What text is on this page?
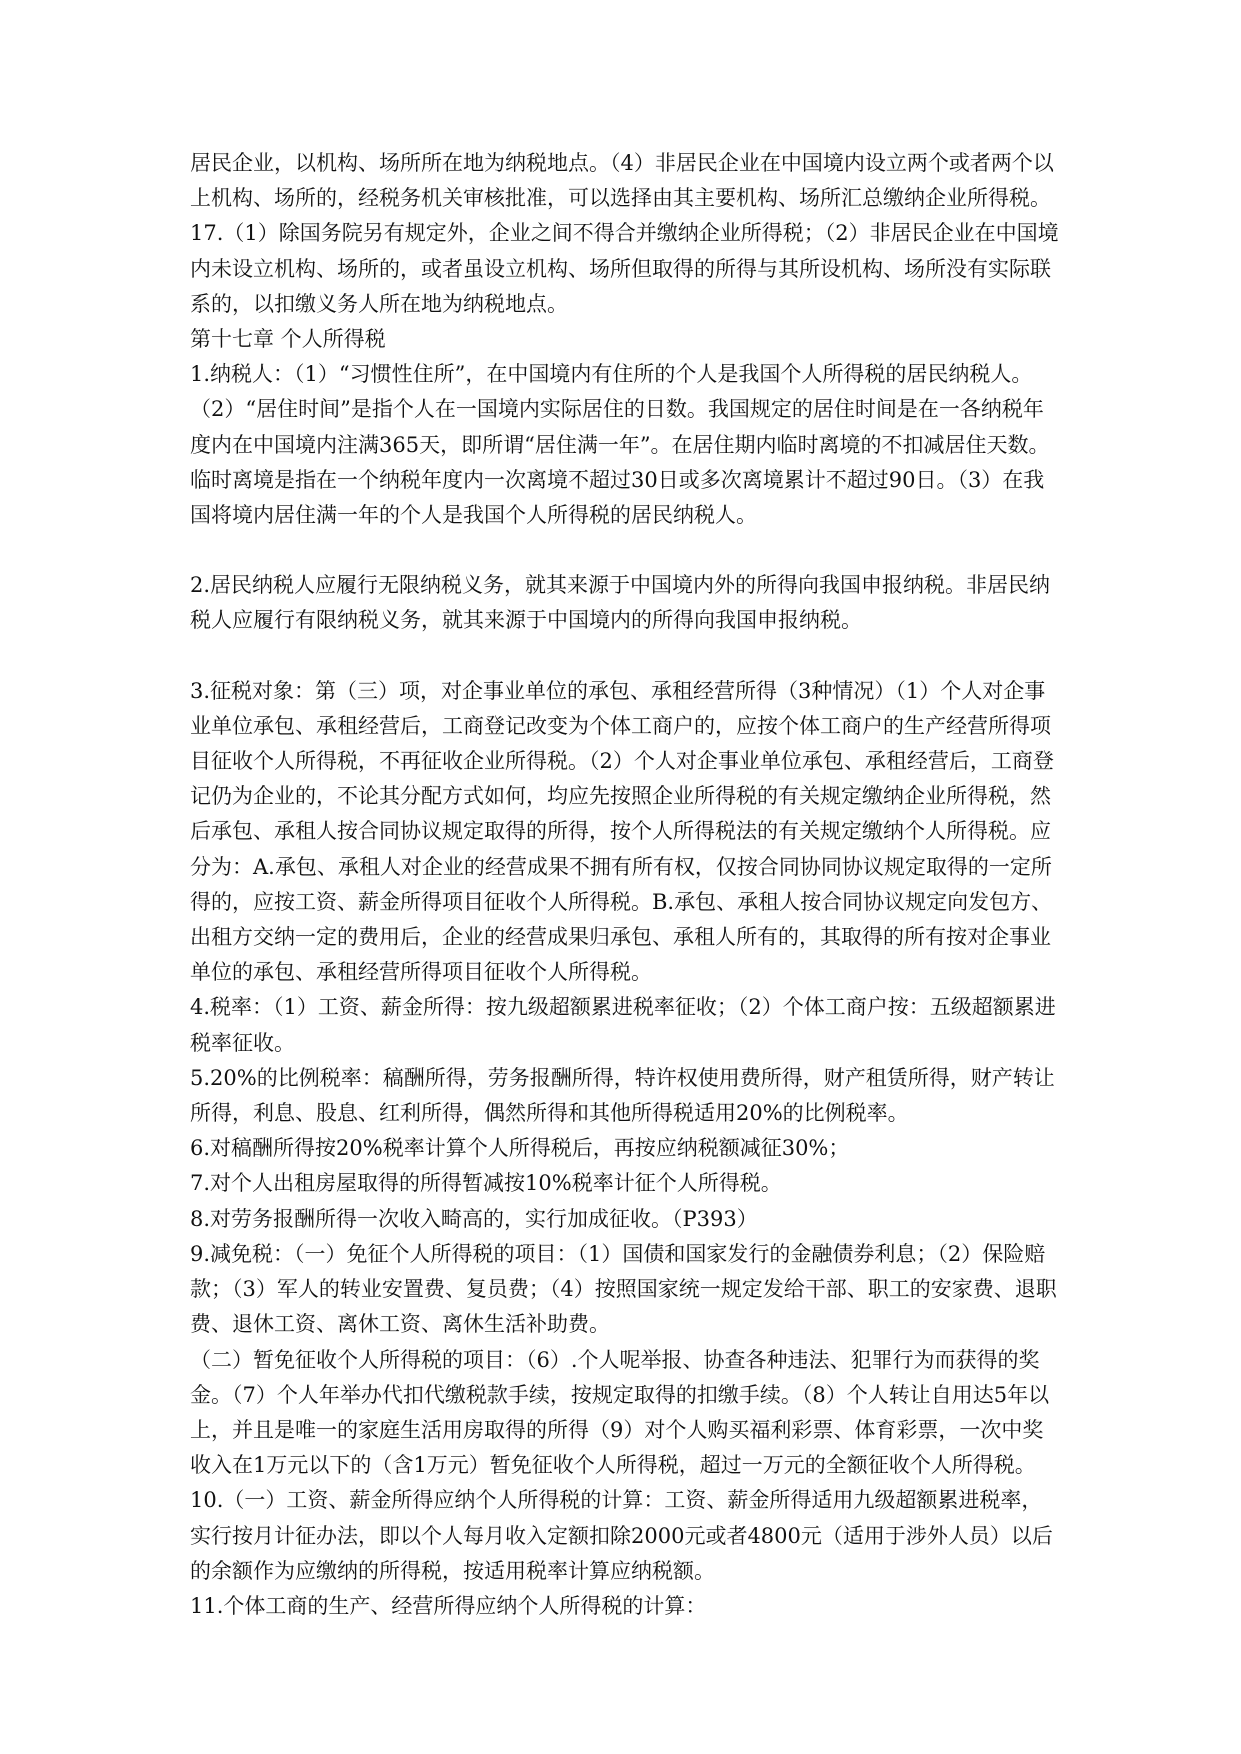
居民企业，以机构、场所所在地为纳税地点。（4）非居民企业在中国境内设立两个或者两个以上机构、场所的，经税务机关审核批准，可以选择由其主要机构、场所汇总缴纳企业所得税。

17.（1）除国务院另有规定外，企业之间不得合并缴纳企业所得税；（2）非居民企业在中国境内未设立机构、场所的，或者虽设立机构、场所但取得的所得与其所设机构、场所没有实际联系的，以扣缴义务人所在地为纳税地点。

第十七章 个人所得税

1.纳税人：（1）“习惯性住所”，在中国境内有住所的个人是我国个人所得税的居民纳税人。（2）“居住时间”是指个人在一国境内实际居住的日数。我国规定的居住时间是在一各纳税年度内在中国境内注满365天，即所谓“居住满一年”。在居住期内临时离境的不扣减居住天数。临时离境是指在一个纳税年度内一次离境不超过30日或多次离境累计不超过90日。（3）在我国将境内居住满一年的个人是我国个人所得税的居民纳税人。

2.居民纳税人应履行无限纳税义务，就其来源于中国境内外的所得向我国申报纳税。非居民纳税人应履行有限纳税义务，就其来源于中国境内的所得向我国申报纳税。

3.征税对象：第（三）项，对企事业单位的承包、承租经营所得（3种情况）（1）个人对企事业单位承包、承租经营后，工商登记改变为个体工商户的，应按个体工商户的生产经营所得项目征收个人所得税，不再征收企业所得税。（2）个人对企事业单位承包、承租经营后，工商登记仍为企业的，不论其分配方式如何，均应先按照企业所得税的有关规定缴纳企业所得税，然后承包、承租人按合同协议规定取得的所得，按个人所得税法的有关规定缴纳个人所得税。应分为：A.承包、承租人对企业的经营成果不拥有所有权，仅按合同协同协议规定取得的一定所得的，应按工资、薪金所得项目征收个人所得税。B.承包、承租人按合同协议规定向发包方、出租方交纳一定的费用后，企业的经营成果归承包、承租人所有的，其取得的所有按对企事业单位的承包、承租经营所得项目征收个人所得税。

4.税率：（1）工资、薪金所得：按九级超额累进税率征收；（2）个体工商户按：五级超额累进税率征收。

5.20%的比例税率：稿酬所得，劳务报酬所得，特许权使用费所得，财产租赁所得，财产转让所得，利息、股息、红利所得，偶然所得和其他所得税适用20%的比例税率。

6.对稿酬所得按20%税率计算个人所得税后，再按应纳税额减征30%；

7.对个人出租房屋取得的所得暂减按10%税率计征个人所得税。

8.对劳务报酬所得一次收入畸高的，实行加成征收。（P393）

9.减免税：（一）免征个人所得税的项目：（1）国债和国家发行的金融债券利息；（2）保险赔款；（3）军人的转业安置费、复员费；（4）按照国家统一规定发给干部、职工的安家费、退职费、退休工资、离休工资、离休生活补助费。

（二）暂免征收个人所得税的项目：（6）.个人呢举报、协查各种违法、犯罪行为而获得的奖金。（7）个人年举办代扣代缴税款手续，按规定取得的扣缴手续。（8）个人转让自用达5年以上，并且是唯一的家庭生活用房取得的所得（9）对个人购买福利彩票、体育彩票，一次中奖收入在1万元以下的（含1万元）暂免征收个人所得税，超过一万元的全额征收个人所得税。

10.（一）工资、薪金所得应纳个人所得税的计算：工资、薪金所得适用九级超额累进税率，实行按月计征办法，即以个人每月收入定额扣除2000元或者4800元（适用于涉外人员）以后的余额作为应缴纳的所得税，按适用税率计算应纳税额。

11.个体工商的生产、经营所得应纳个人所得税的计算：
